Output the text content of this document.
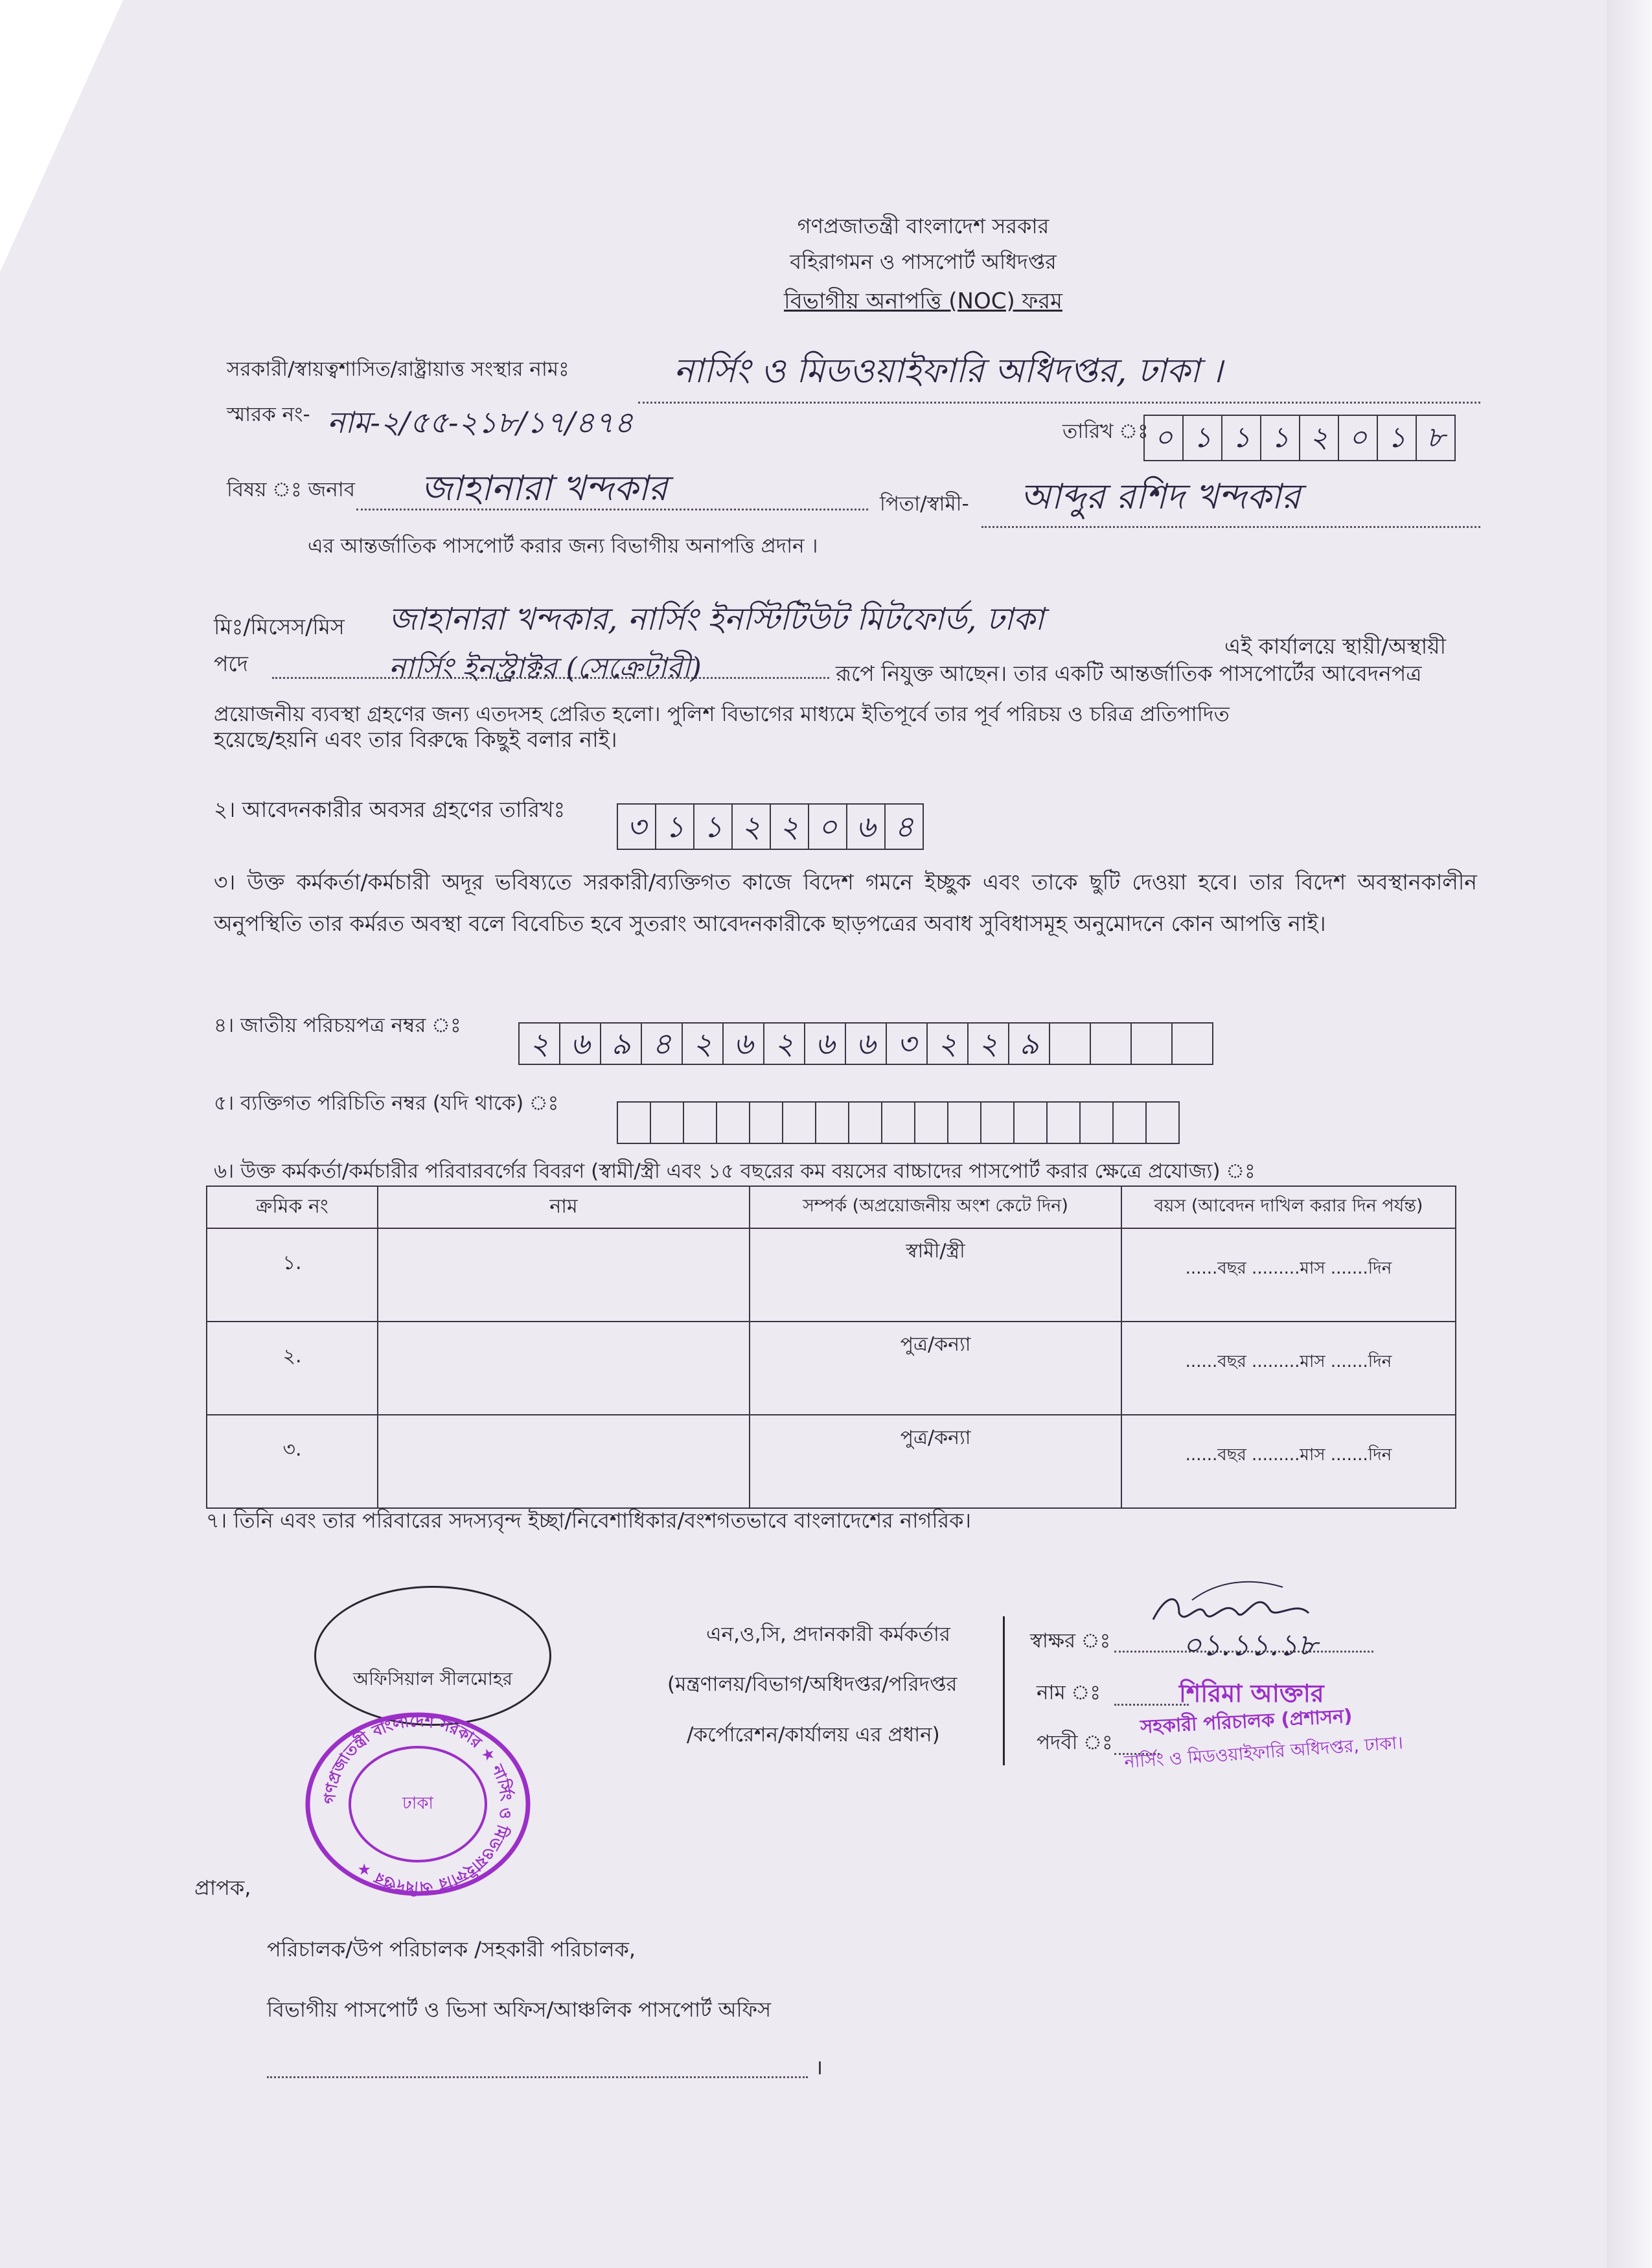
গণপ্রজাতন্ত্রী বাংলাদেশ সরকার
বহিরাগমন ও পাসপোর্ট অধিদপ্তর
বিভাগীয় অনাপত্তি (NOC) ফরম
সরকারী/স্বায়ত্বশাসিত/রাষ্ট্রায়াত্ত সংস্থার নামঃ	নার্সিং ও মিডওয়াইফারি অধিদপ্তর, ঢাকা ।
স্মারক নং- নাম-২/৫৫-২১৮/১৭/৪৭৪	তারিখ ঃ ০ ১ ১ ১ ২ ০ ১ ৮
বিষয় ঃ জনাব জাহানারা খন্দকার	পিতা/স্বামী- আব্দুর রশিদ খন্দকার
এর আন্তর্জাতিক পাসপোর্ট করার জন্য বিভাগীয় অনাপত্তি প্রদান ।
মিঃ/মিসেস/মিস জাহানারা খন্দকার, নার্সিং ইনস্টিটিউট মিটফোর্ড, ঢাকা
এই কার্যালয়ে স্থায়ী/অস্থায়ী
পদে	নার্সিং ইনস্ট্রাক্টর (সেক্রেটারী)	রূপে নিযুক্ত আছেন। তার একটি আন্তর্জাতিক পাসপোর্টের আবেদনপত্র
প্রয়োজনীয় ব্যবস্থা গ্রহণের জন্য এতদসহ প্রেরিত হলো। পুলিশ বিভাগের মাধ্যমে ইতিপূর্বে তার পূর্ব পরিচয় ও চরিত্র প্রতিপাদিত
হয়েছে/হয়নি এবং তার বিরুদ্ধে কিছুই বলার নাই।
২। আবেদনকারীর অবসর গ্রহণের তারিখঃ	৩ ১ ১ ২ ২ ০ ৬ ৪
৩। উক্ত কর্মকর্তা/কর্মচারী অদূর ভবিষ্যতে সরকারী/ব্যক্তিগত কাজে বিদেশ গমনে ইচ্ছুক এবং তাকে ছুটি দেওয়া হবে। তার বিদেশ অবস্থানকালীন অনুপস্থিতি তার কর্মরত অবস্থা বলে বিবেচিত হবে সুতরাং আবেদনকারীকে ছাড়পত্রের অবাধ সুবিধাসমূহ অনুমোদনে কোন আপত্তি নাই।
৪। জাতীয় পরিচয়পত্র নম্বর ঃ
২ ৬ ৯ ৪ ২ ৬ ২ ৬ ৬ ৩ ২ ২ ৯
৫। ব্যক্তিগত পরিচিতি নম্বর (যদি থাকে) ঃ
৬। উক্ত কর্মকর্তা/কর্মচারীর পরিবারবর্গের বিবরণ (স্বামী/স্ত্রী এবং ১৫ বছরের কম বয়সের বাচ্চাদের পাসপোর্ট করার ক্ষেত্রে প্রযোজ্য) ঃ
ক্রমিক নং	নাম	সম্পর্ক (অপ্রয়োজনীয় অংশ কেটে দিন)	বয়স (আবেদন দাখিল করার দিন পর্যন্ত)
১.		স্বামী/স্ত্রী	......বছর .........মাস .......দিন
২.		পুত্র/কন্যা	......বছর .........মাস .......দিন
৩.		পুত্র/কন্যা	......বছর .........মাস .......দিন
৭। তিনি এবং তার পরিবারের সদস্যবৃন্দ ইচ্ছা/নিবেশাধিকার/বংশগতভাবে বাংলাদেশের নাগরিক।
অফিসিয়াল সীলমোহর
গণপ্রজাতন্ত্রী বাংলাদেশ সরকার ★ নার্সিং ও মিডওয়াইফারি অধিদপ্তর ★
ঢাকা
এন,ও,সি, প্রদানকারী কর্মকর্তার
(মন্ত্রণালয়/বিভাগ/অধিদপ্তর/পরিদপ্তর
/কর্পোরেশন/কার্যালয় এর প্রধান)
স্বাক্ষর ঃ ০১.১১.১৮
নাম ঃ	শিরিমা আক্তার
পদবী ঃ
সহকারী পরিচালক (প্রশাসন)
নার্সিং ও মিডওয়াইফারি অধিদপ্তর, ঢাকা।
প্রাপক,
পরিচালক/উপ পরিচালক /সহকারী পরিচালক,
বিভাগীয় পাসপোর্ট ও ভিসা অফিস/আঞ্চলিক পাসপোর্ট অফিস
।
